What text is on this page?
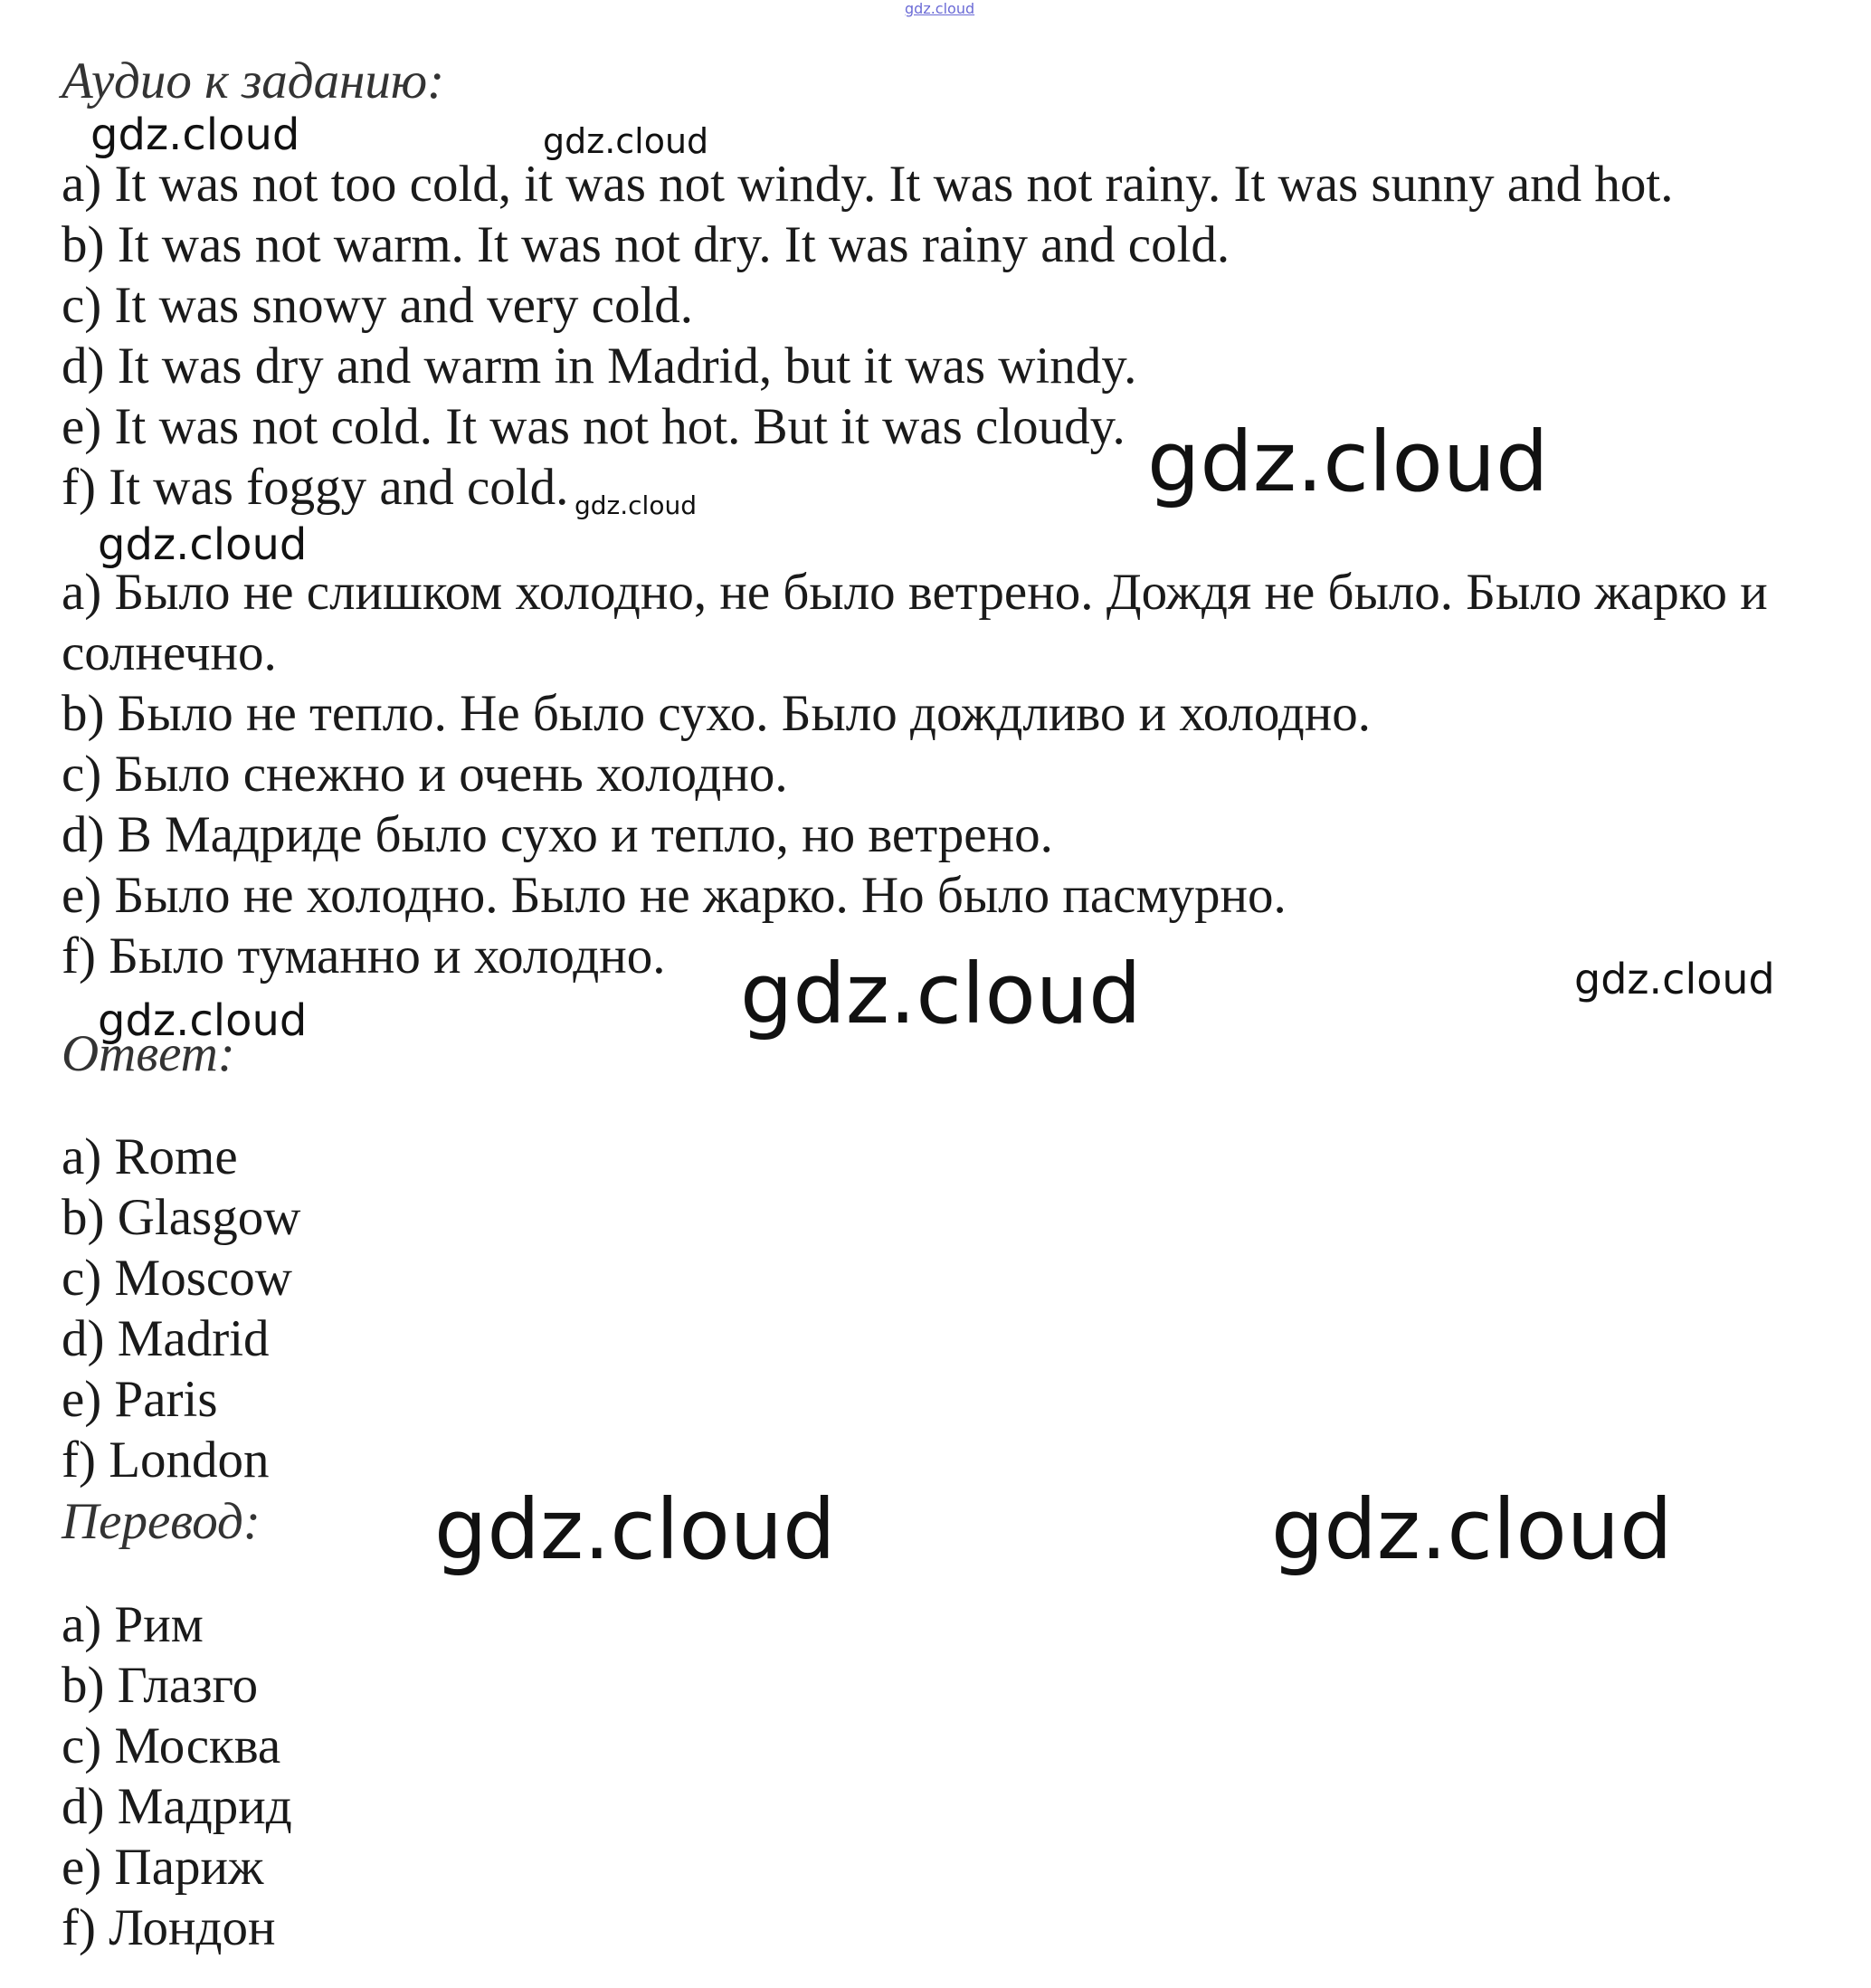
gdz.cloud
Аудио к заданию:
a) It was not too cold, it was not windy. It was not rainy. It was sunny and hot.
b) It was not warm. It was not dry. It was rainy and cold.
c) It was snowy and very cold.
d) It was dry and warm in Madrid, but it was windy.
e) It was not cold. It was not hot. But it was cloudy.
f) It was foggy and cold.
a) Было не слишком холодно, не было ветрено. Дождя не было. Было жарко и
солнечно.
b) Было не тепло. Не было сухо. Было дождливо и холодно.
c) Было снежно и очень холодно.
d) В Мадриде было сухо и тепло, но ветрено.
e) Было не холодно. Было не жарко. Но было пасмурно.
f) Было туманно и холодно.
Ответ:
a) Rome
b) Glasgow
c) Moscow
d) Madrid
e) Paris
f) London
Перевод:
a) Рим
b) Глазго
c) Москва
d) Мадрид
e) Париж
f) Лондон
gdz.cloud	gdz.cloud
gdz.cloud
gdz.cloud
gdz.cloud
gdz.cloud	gdz.cloud
gdz.cloud
gdz.cloud	gdz.cloud
